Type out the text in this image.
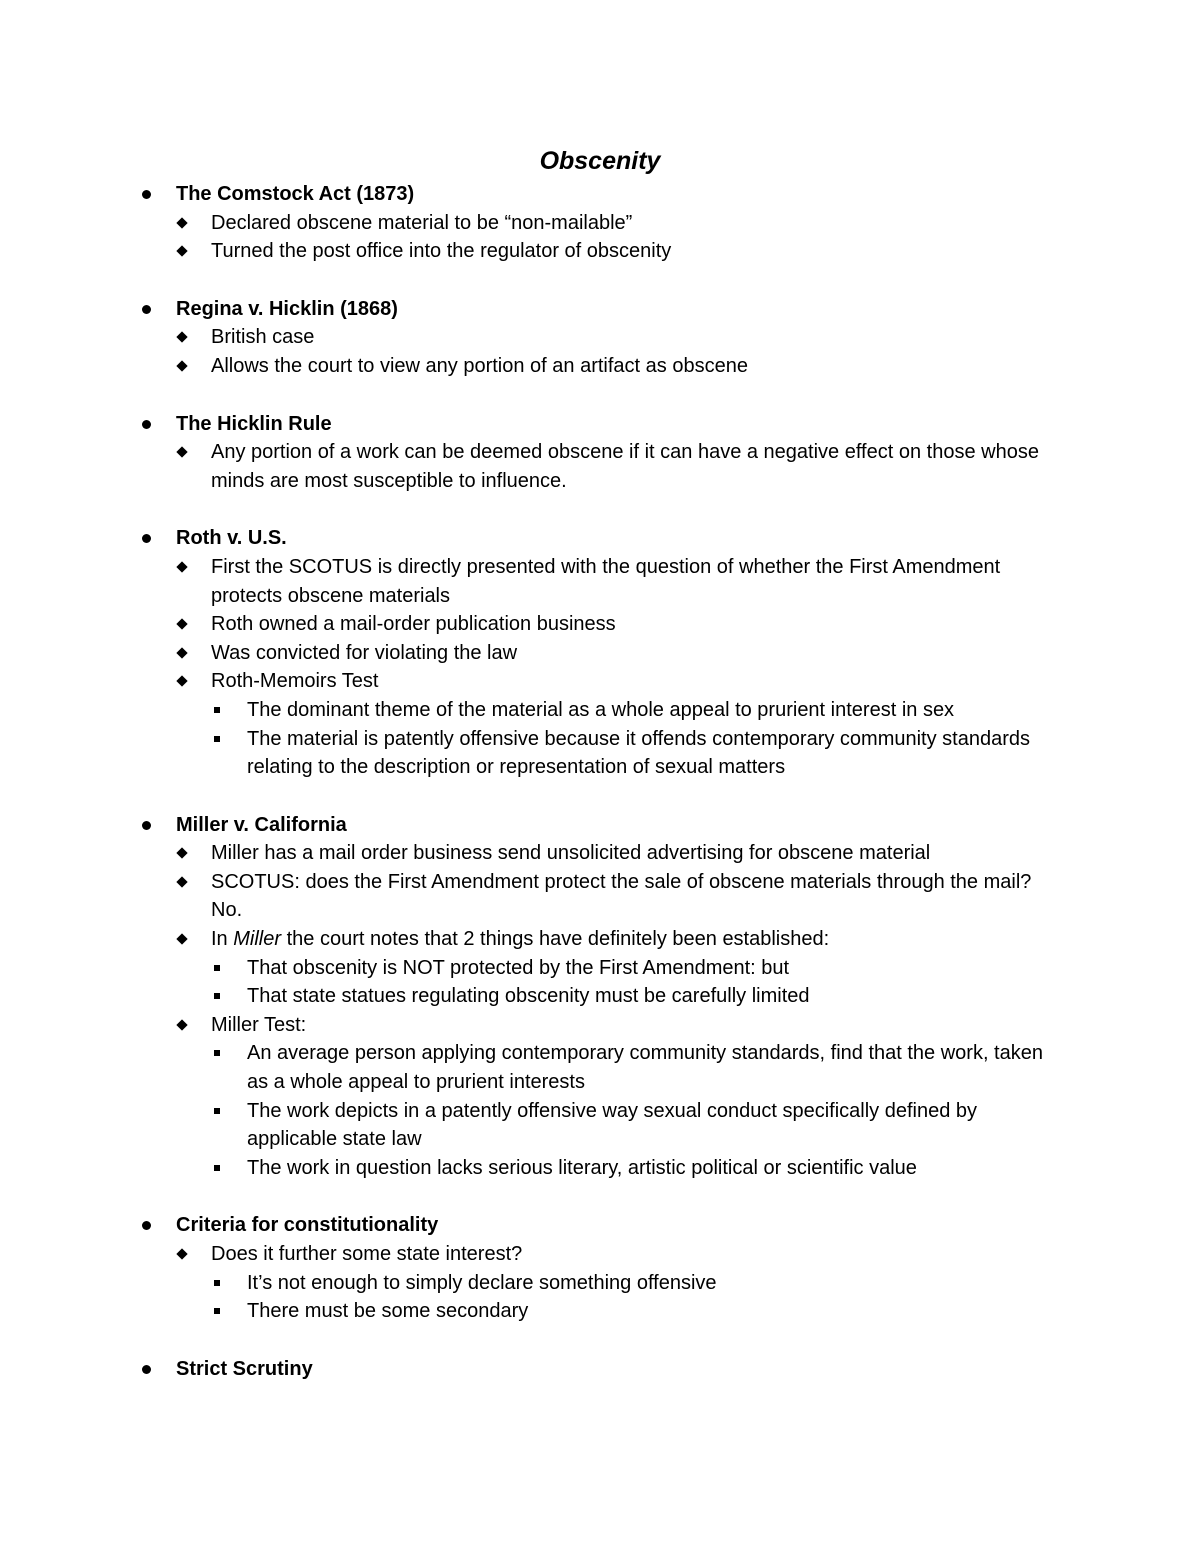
Obscenity
The Comstock Act (1873)
Declared obscene material to be “non-mailable”
Turned the post office into the regulator of obscenity
Regina v. Hicklin (1868)
British case
Allows the court to view any portion of an artifact as obscene
The Hicklin Rule
Any portion of a work can be deemed obscene if it can have a negative effect on those whose minds are most susceptible to influence.
Roth v. U.S.
First the SCOTUS is directly presented with the question of whether the First Amendment protects obscene materials
Roth owned a mail-order publication business
Was convicted for violating the law
Roth-Memoirs Test
The dominant theme of the material as a whole appeal to prurient interest in sex
The material is patently offensive because it offends contemporary community standards relating to the description or representation of sexual matters
Miller v. California
Miller has a mail order business send unsolicited advertising for obscene material
SCOTUS: does the First Amendment protect the sale of obscene materials through the mail? No.
In Miller the court notes that 2 things have definitely been established:
That obscenity is NOT protected by the First Amendment: but
That state statues regulating obscenity must be carefully limited
Miller Test:
An average person applying contemporary community standards, find that the work, taken as a whole appeal to prurient interests
The work depicts in a patently offensive way sexual conduct specifically defined by applicable state law
The work in question lacks serious literary, artistic political or scientific value
Criteria for constitutionality
Does it further some state interest?
It’s not enough to simply declare something offensive
There must be some secondary
Strict Scrutiny
